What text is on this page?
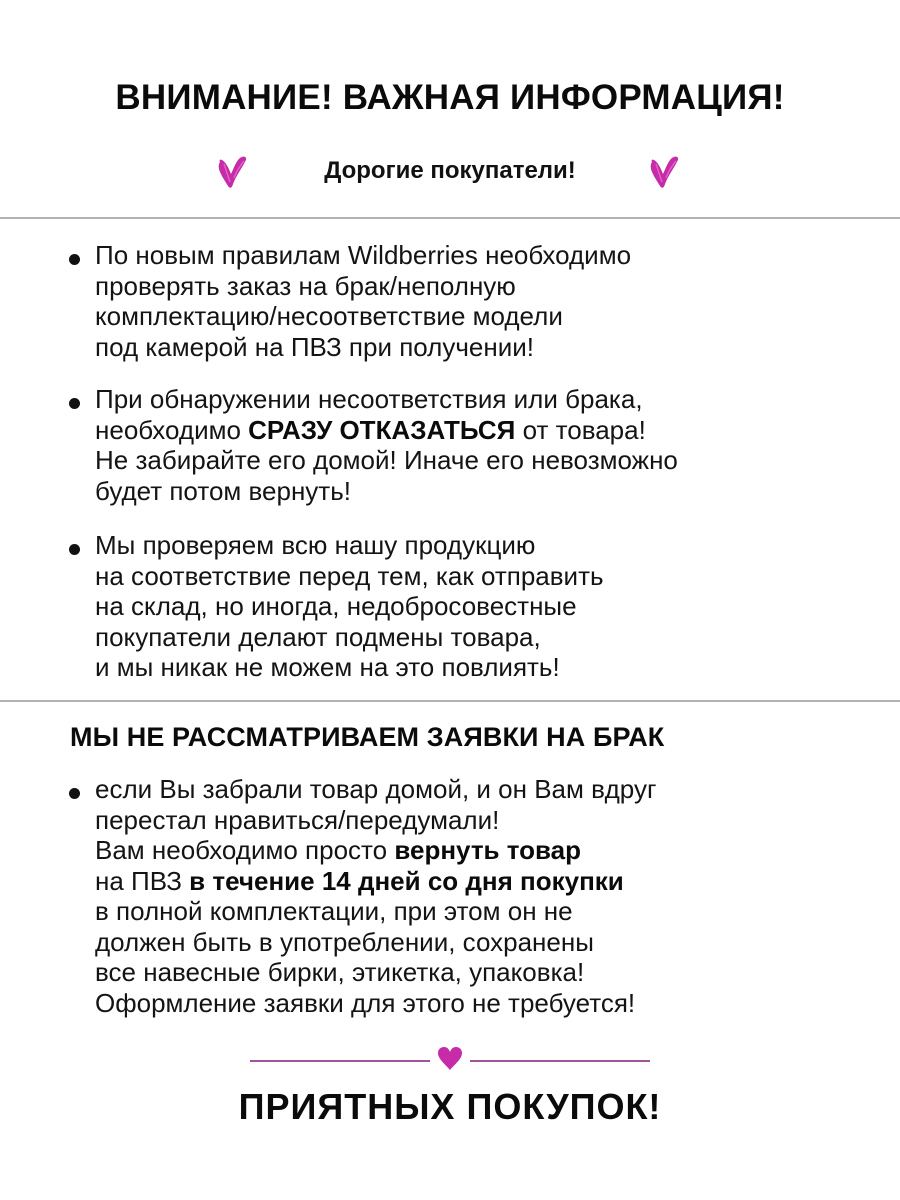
ВНИМАНИЕ! ВАЖНАЯ ИНФОРМАЦИЯ!
Дорогие покупатели!
По новым правилам Wildberries необходимо
проверять заказ на брак/неполную
комплектацию/несоответствие модели
под камерой на ПВЗ при получении!
При обнаружении несоответствия или брака,
необходимо СРАЗУ ОТКАЗАТЬСЯ от товара!
Не забирайте его домой! Иначе его невозможно
будет потом вернуть!
Мы проверяем всю нашу продукцию
на соответствие перед тем, как отправить
на склад, но иногда, недобросовестные
покупатели делают подмены товара,
и мы никак не можем на это повлиять!
МЫ НЕ РАССМАТРИВАЕМ ЗАЯВКИ НА БРАК
если Вы забрали товар домой, и он Вам вдруг
перестал нравиться/передумали!
Вам необходимо просто вернуть товар
на ПВЗ в течение 14 дней со дня покупки
в полной комплектации, при этом он не
должен быть в употреблении, сохранены
все навесные бирки, этикетка, упаковка!
Оформление заявки для этого не требуется!
ПРИЯТНЫХ ПОКУПОК!
